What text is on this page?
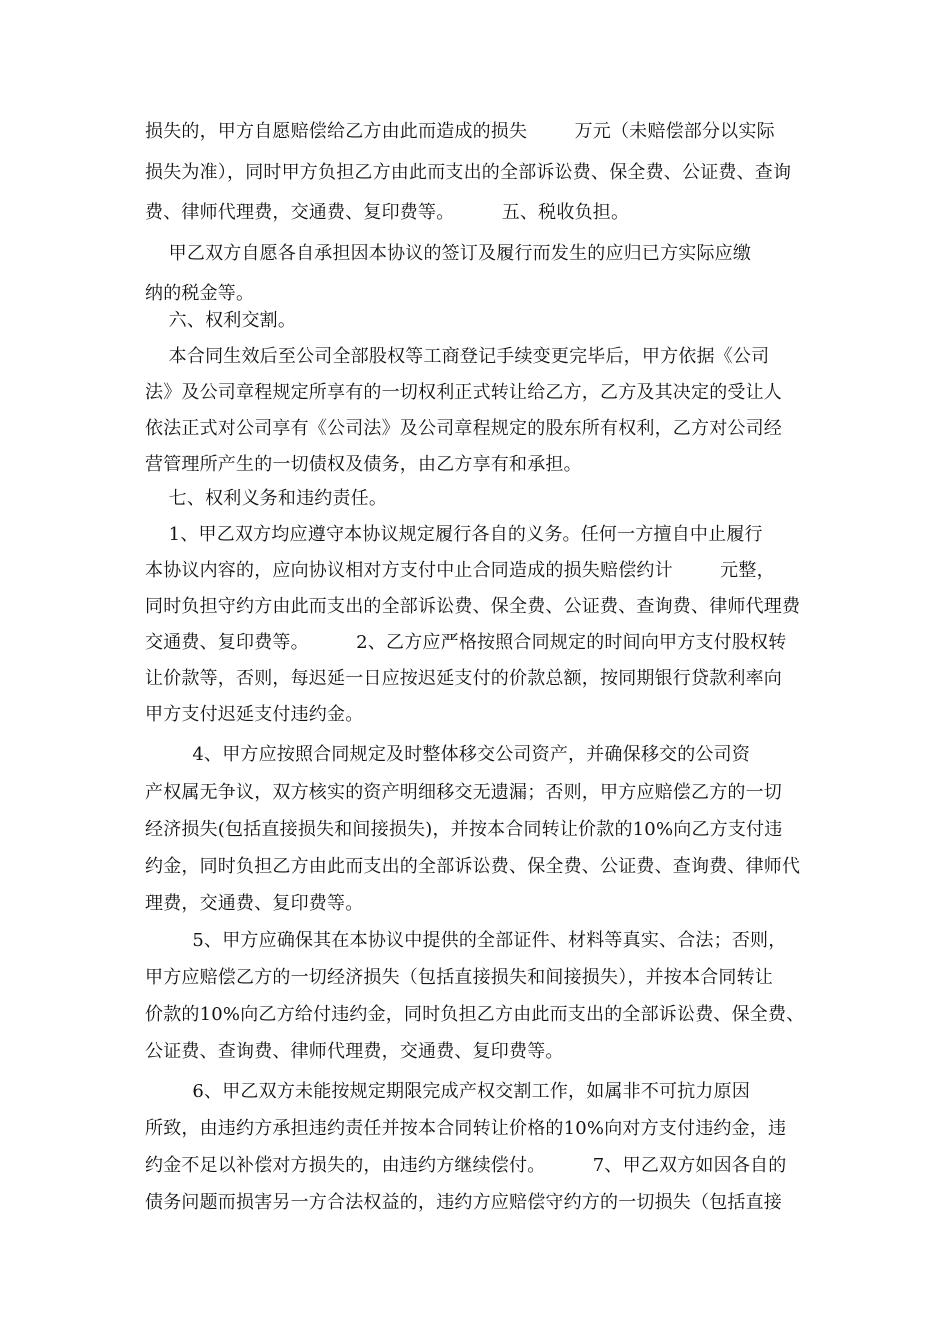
损失的，甲方自愿赔偿给乙方由此而造成的损失        万元（未赔偿部分以实际
损失为准），同时甲方负担乙方由此而支出的全部诉讼费、保全费、公证费、查询
费、律师代理费，交通费、复印费等。        五、税收负担。
甲乙双方自愿各自承担因本协议的签订及履行而发生的应归已方实际应缴
纳的税金等。
六、权利交割。
本合同生效后至公司全部股权等工商登记手续变更完毕后，甲方依据《公司
法》及公司章程规定所享有的一切权利正式转让给乙方，乙方及其决定的受让人
依法正式对公司享有《公司法》及公司章程规定的股东所有权利，乙方对公司经
营管理所产生的一切债权及债务，由乙方享有和承担。
七、权利义务和违约责任。
1、甲乙双方均应遵守本协议规定履行各自的义务。任何一方擅自中止履行
本协议内容的，应向协议相对方支付中止合同造成的损失赔偿约计        元整，
同时负担守约方由此而支出的全部诉讼费、保全费、公证费、查询费、律师代理费
交通费、复印费等。        2、乙方应严格按照合同规定的时间向甲方支付股权转
让价款等，否则，每迟延一日应按迟延支付的价款总额，按同期银行贷款利率向
甲方支付迟延支付违约金。
4、甲方应按照合同规定及时整体移交公司资产，并确保移交的公司资
产权属无争议，双方核实的资产明细移交无遗漏；否则，甲方应赔偿乙方的一切
经济损失(包括直接损失和间接损失)，并按本合同转让价款的10%向乙方支付违
约金，同时负担乙方由此而支出的全部诉讼费、保全费、公证费、查询费、律师代
理费，交通费、复印费等。
5、甲方应确保其在本协议中提供的全部证件、材料等真实、合法；否则，
甲方应赔偿乙方的一切经济损失（包括直接损失和间接损失），并按本合同转让
价款的10%向乙方给付违约金，同时负担乙方由此而支出的全部诉讼费、保全费、
公证费、查询费、律师代理费，交通费、复印费等。
6、甲乙双方未能按规定期限完成产权交割工作，如属非不可抗力原因
所致，由违约方承担违约责任并按本合同转让价格的10%向对方支付违约金，违
约金不足以补偿对方损失的，由违约方继续偿付。        7、甲乙双方如因各自的
债务问题而损害另一方合法权益的，违约方应赔偿守约方的一切损失（包括直接
